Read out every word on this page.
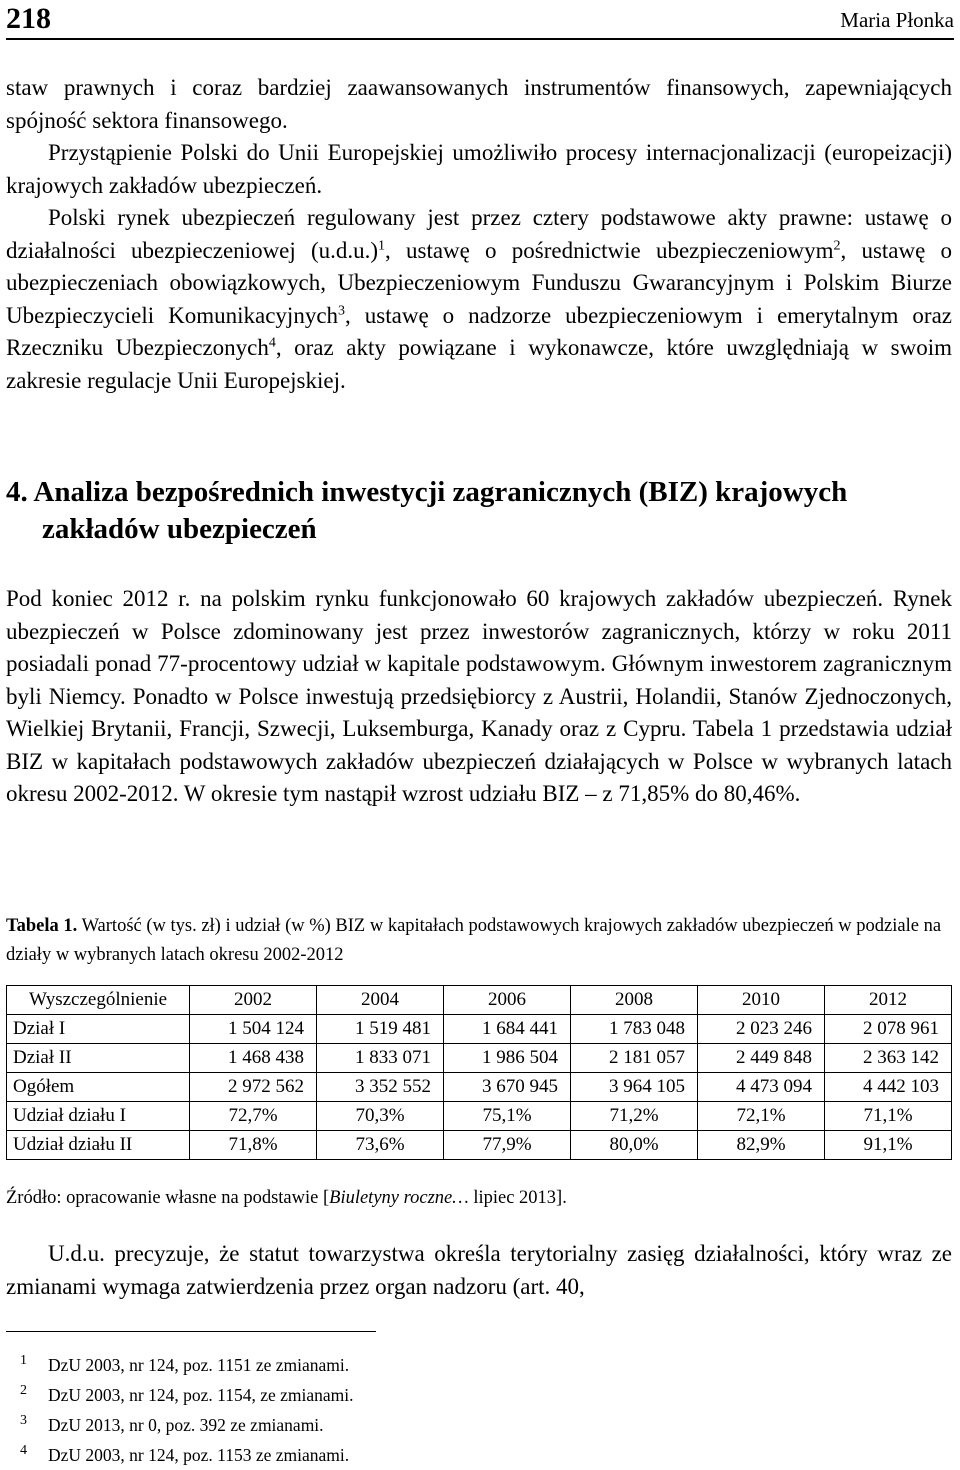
218	Maria Płonka

staw prawnych i coraz bardziej zaawansowanych instrumentów finansowych, zapewniających spójność sektora finansowego.

Przystąpienie Polski do Unii Europejskiej umożliwiło procesy internacjonalizacji (europeizacji) krajowych zakładów ubezpieczeń.

Polski rynek ubezpieczeń regulowany jest przez cztery podstawowe akty prawne: ustawę o działalności ubezpieczeniowej $(u.d.u.)^1$, ustawę o pośrednictwie ubezpieczeniowym$^2$, ustawę o ubezpieczeniach obowiązkowych, Ubezpieczeniowym Funduszu Gwarancyjnym i Polskim Biurze Ubezpieczycieli Komunikacyjnych$^3$, ustawę o nadzorze ubezpieczeniowym i emerytalnym oraz Rzeczniku Ubezpieczonych$^4$, oraz akty powiązane i wykonawcze, które uwzględniają w swoim zakresie regulacje Unii Europejskiej.

4. Analiza bezpośrednich inwestycji zagranicznych (BIZ) krajowych zakładów ubezpieczeń

Pod koniec 2012 r. na polskim rynku funkcjonowało 60 krajowych zakładów ubezpieczeń. Rynek ubezpieczeń w Polsce zdominowany jest przez inwestorów zagranicznych, którzy w roku 2011 posiadali ponad 77-procentowy udział w kapitale podstawowym. Głównym inwestorem zagranicznym byli Niemcy. Ponadto w Polsce inwestują przedsiębiorcy z Austrii, Holandii, Stanów Zjednoczonych, Wielkiej Brytanii, Francji, Szwecji, Luksemburga, Kanady oraz z Cypru. Tabela 1 przedstawia udział BIZ w kapitałach podstawowych zakładów ubezpieczeń działających w Polsce w wybranych latach okresu 2002-2012. W okresie tym nastąpił wzrost udziału BIZ – z 71,85% do 80,46%.

Tabela 1. Wartość (w tys. zł) i udział (w %) BIZ w kapitałach podstawowych krajowych zakładów ubezpieczeń w podziale na działy w wybranych latach okresu 2002-2012

Wyszczególnienie	2002	2004	2006	2008	2010	2012
Dział I	1 504 124	1 519 481	1 684 441	1 783 048	2 023 246	2 078 961
Dział II	1 468 438	1 833 071	1 986 504	2 181 057	2 449 848	2 363 142
Ogółem	2 972 562	3 352 552	3 670 945	3 964 105	4 473 094	4 442 103
Udział działu I	72,7%	70,3%	75,1%	71,2%	72,1%	71,1%
Udział działu II	71,8%	73,6%	77,9%	80,0%	82,9%	91,1%

Źródło: opracowanie własne na podstawie [Biuletyny roczne… lipiec 2013].

U.d.u. precyzuje, że statut towarzystwa określa terytorialny zasięg działalności, który wraz ze zmianami wymaga zatwierdzenia przez organ nadzoru (art. 40,

1 DzU 2003, nr 124, poz. 1151 ze zmianami.
2 DzU 2003, nr 124, poz. 1154, ze zmianami.
3 DzU 2013, nr 0, poz. 392 ze zmianami.
4 DzU 2003, nr 124, poz. 1153 ze zmianami.
